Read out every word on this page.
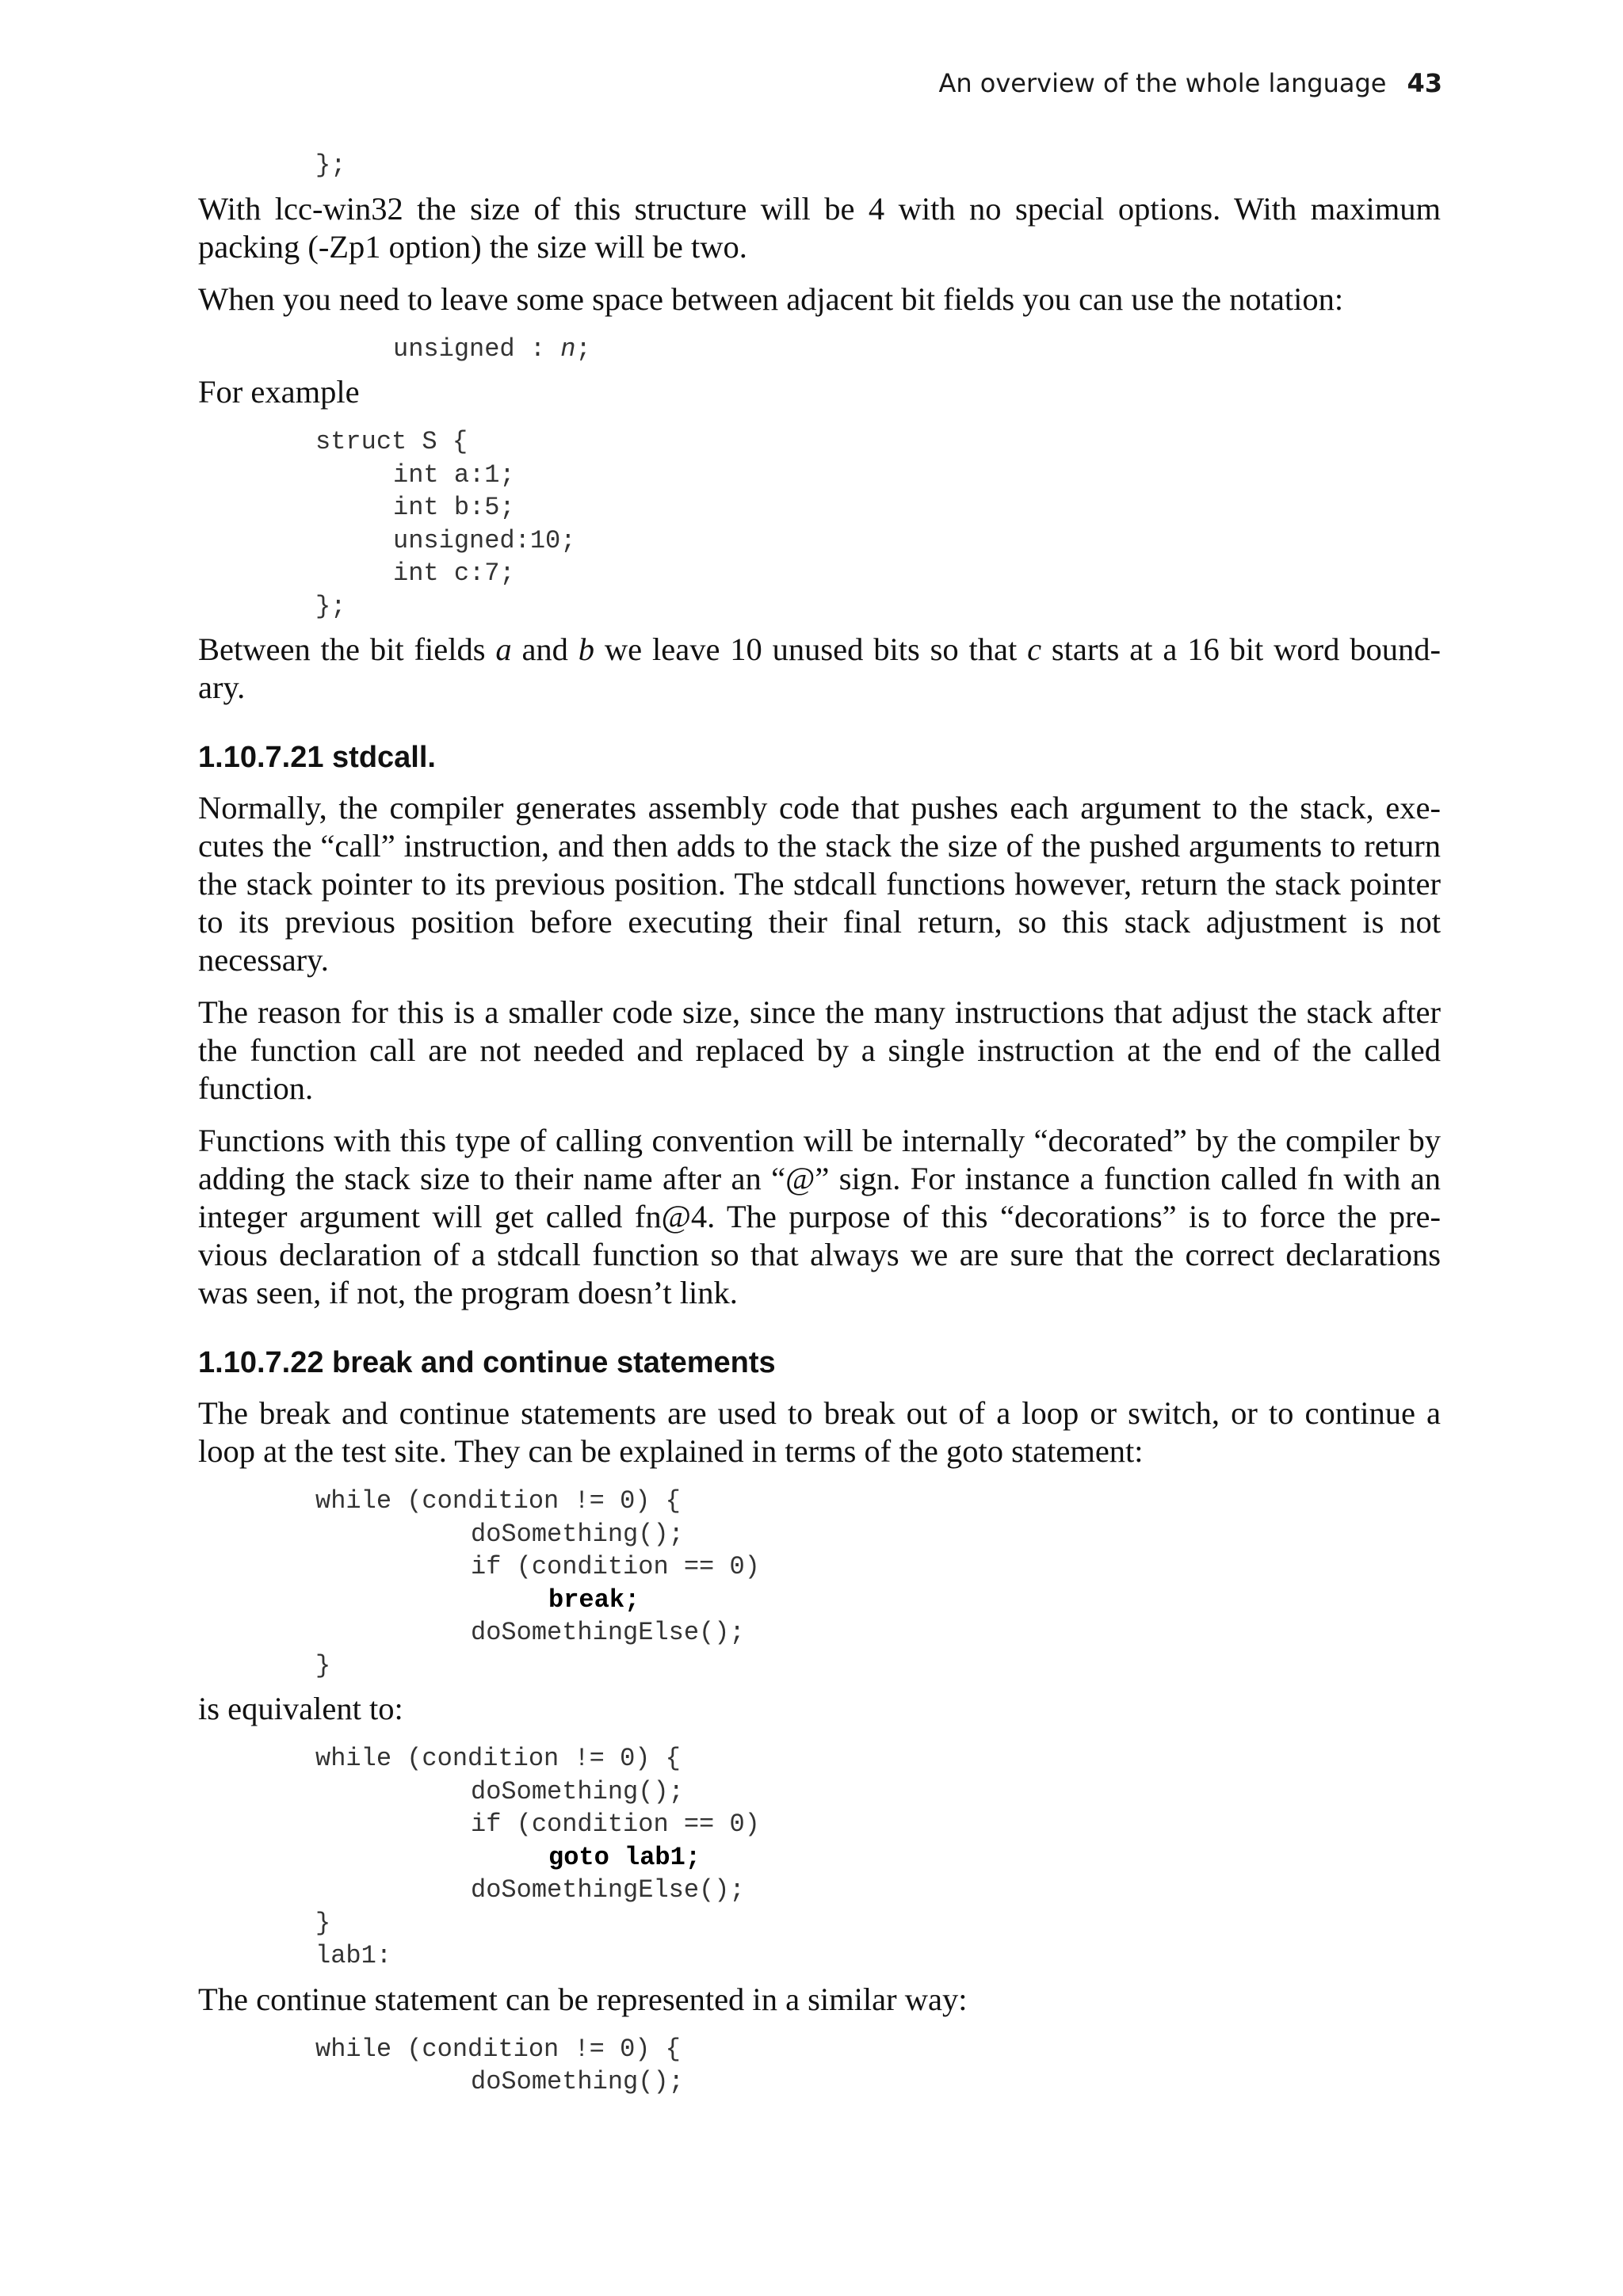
An overview of the whole language 43
};

With lcc-win32 the size of this structure will be 4 with no special options. With maximum packing (-Zp1 option) the size will be two.

When you need to leave some space between adjacent bit fields you can use the notation:

unsigned : n;

For example

struct S {
int a:1;
int b:5;
unsigned:10;
int c:7;
};

Between the bit fields a and b we leave 10 unused bits so that c starts at a 16 bit word bound-ary.

1.10.7.21 stdcall.

Normally, the compiler generates assembly code that pushes each argument to the stack, exe-cutes the “call” instruction, and then adds to the stack the size of the pushed arguments to return the stack pointer to its previous position. The stdcall functions however, return the stack pointer to its previous position before executing their final return, so this stack adjustment is not necessary.

The reason for this is a smaller code size, since the many instructions that adjust the stack after the function call are not needed and replaced by a single instruction at the end of the called function.

Functions with this type of calling convention will be internally “decorated” by the compiler by adding the stack size to their name after an “@” sign. For instance a function called fn with an integer argument will get called fn@4. The purpose of this “decorations” is to force the pre-vious declaration of a stdcall function so that always we are sure that the correct declarations was seen, if not, the program doesn’t link.

1.10.7.22 break and continue statements

The break and continue statements are used to break out of a loop or switch, or to continue a loop at the test site. They can be explained in terms of the goto statement:

while (condition != 0) {
doSomething();
if (condition == 0)
break;
doSomethingElse();
}

is equivalent to:

while (condition != 0) {
doSomething();
if (condition == 0)
goto lab1;
doSomethingElse();
}
lab1:

The continue statement can be represented in a similar way:

while (condition != 0) {
doSomething();
